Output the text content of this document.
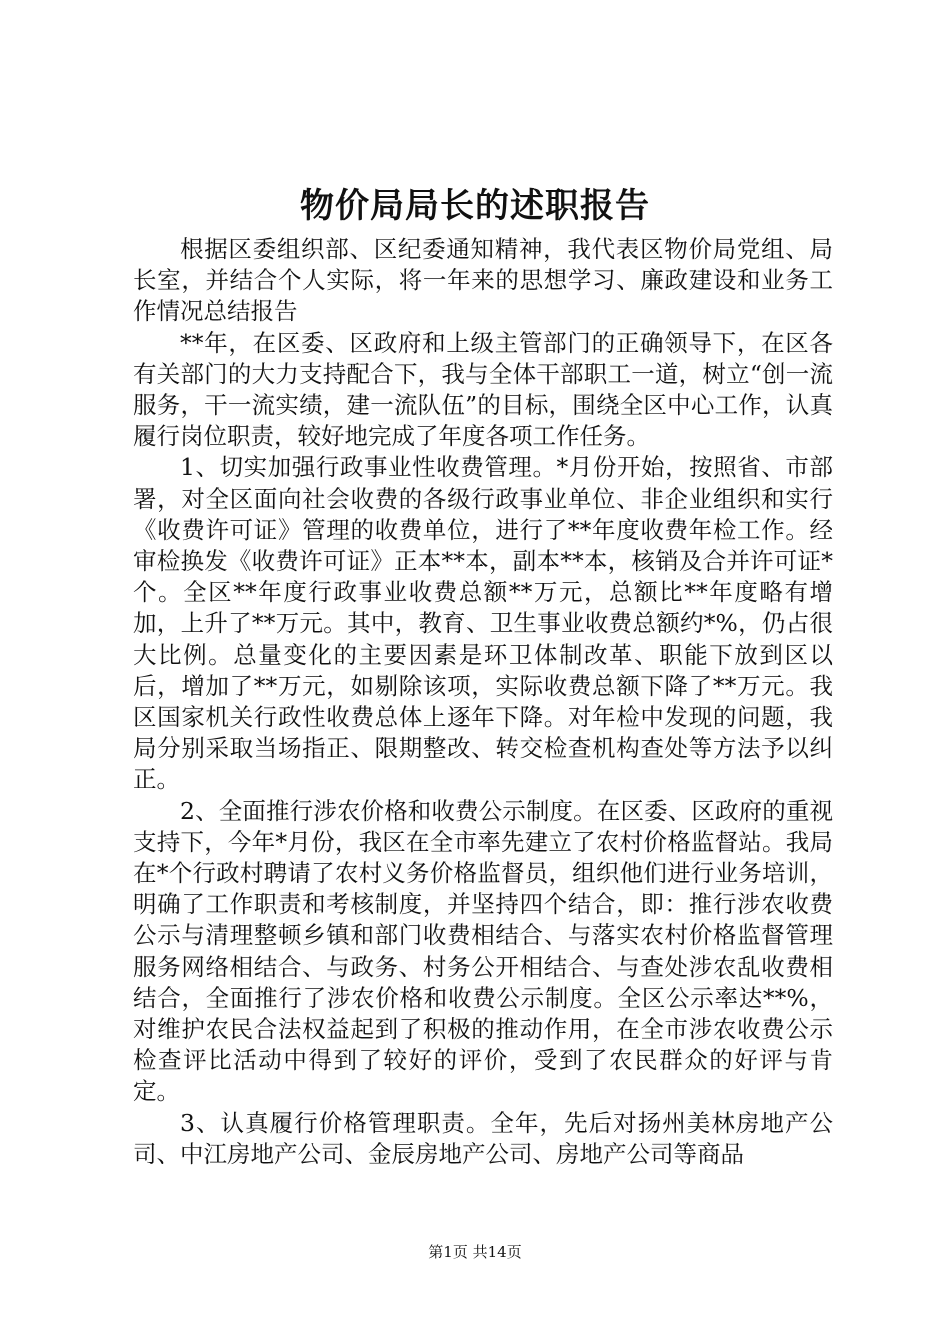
物价局局长的述职报告

根据区委组织部、区纪委通知精神，我代表区物价局党组、局长室，并结合个人实际，将一年来的思想学习、廉政建设和业务工作情况总结报告

**年，在区委、区政府和上级主管部门的正确领导下，在区各有关部门的大力支持配合下，我与全体干部职工一道，树立“创一流服务，干一流实绩，建一流队伍”的目标，围绕全区中心工作，认真履行岗位职责，较好地完成了年度各项工作任务。

1、切实加强行政事业性收费管理。*月份开始，按照省、市部署，对全区面向社会收费的各级行政事业单位、非企业组织和实行《收费许可证》管理的收费单位，进行了**年度收费年检工作。经审检换发《收费许可证》正本**本，副本**本，核销及合并许可证*个。全区**年度行政事业收费总额**万元，总额比**年度略有增加，上升了**万元。其中，教育、卫生事业收费总额约*%，仍占很大比例。总量变化的主要因素是环卫体制改革、职能下放到区以后，增加了**万元，如剔除该项，实际收费总额下降了**万元。我区国家机关行政性收费总体上逐年下降。对年检中发现的问题，我局分别采取当场指正、限期整改、转交检查机构查处等方法予以纠正。

2、全面推行涉农价格和收费公示制度。在区委、区政府的重视支持下，今年*月份，我区在全市率先建立了农村价格监督站。我局在*个行政村聘请了农村义务价格监督员，组织他们进行业务培训，明确了工作职责和考核制度，并坚持四个结合，即：推行涉农收费公示与清理整顿乡镇和部门收费相结合、与落实农村价格监督管理服务网络相结合、与政务、村务公开相结合、与查处涉农乱收费相结合，全面推行了涉农价格和收费公示制度。全区公示率达**%，对维护农民合法权益起到了积极的推动作用，在全市涉农收费公示检查评比活动中得到了较好的评价，受到了农民群众的好评与肯定。

3、认真履行价格管理职责。全年，先后对扬州美林房地产公司、中江房地产公司、金辰房地产公司、房地产公司等商品

第1页 共14页
